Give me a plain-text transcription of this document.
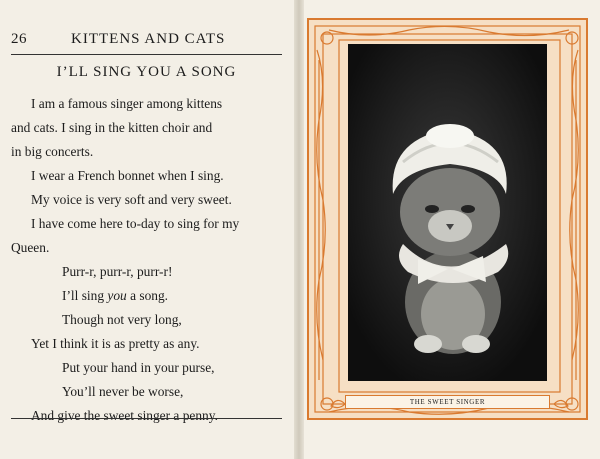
26	KITTENS AND CATS
I’LL SING YOU A SONG
I am a famous singer among kittens
and cats. I sing in the kitten choir and
in big concerts.
I wear a French bonnet when I sing.
My voice is very soft and very sweet.
I have come here to-day to sing for my
Queen.
Purr-r, purr-r, purr-r!
I’ll sing you a song.
Though not very long,
Yet I think it is as pretty as any.
Put your hand in your purse,
You’ll never be worse,
And give the sweet singer a penny.
THE SWEET SINGER
